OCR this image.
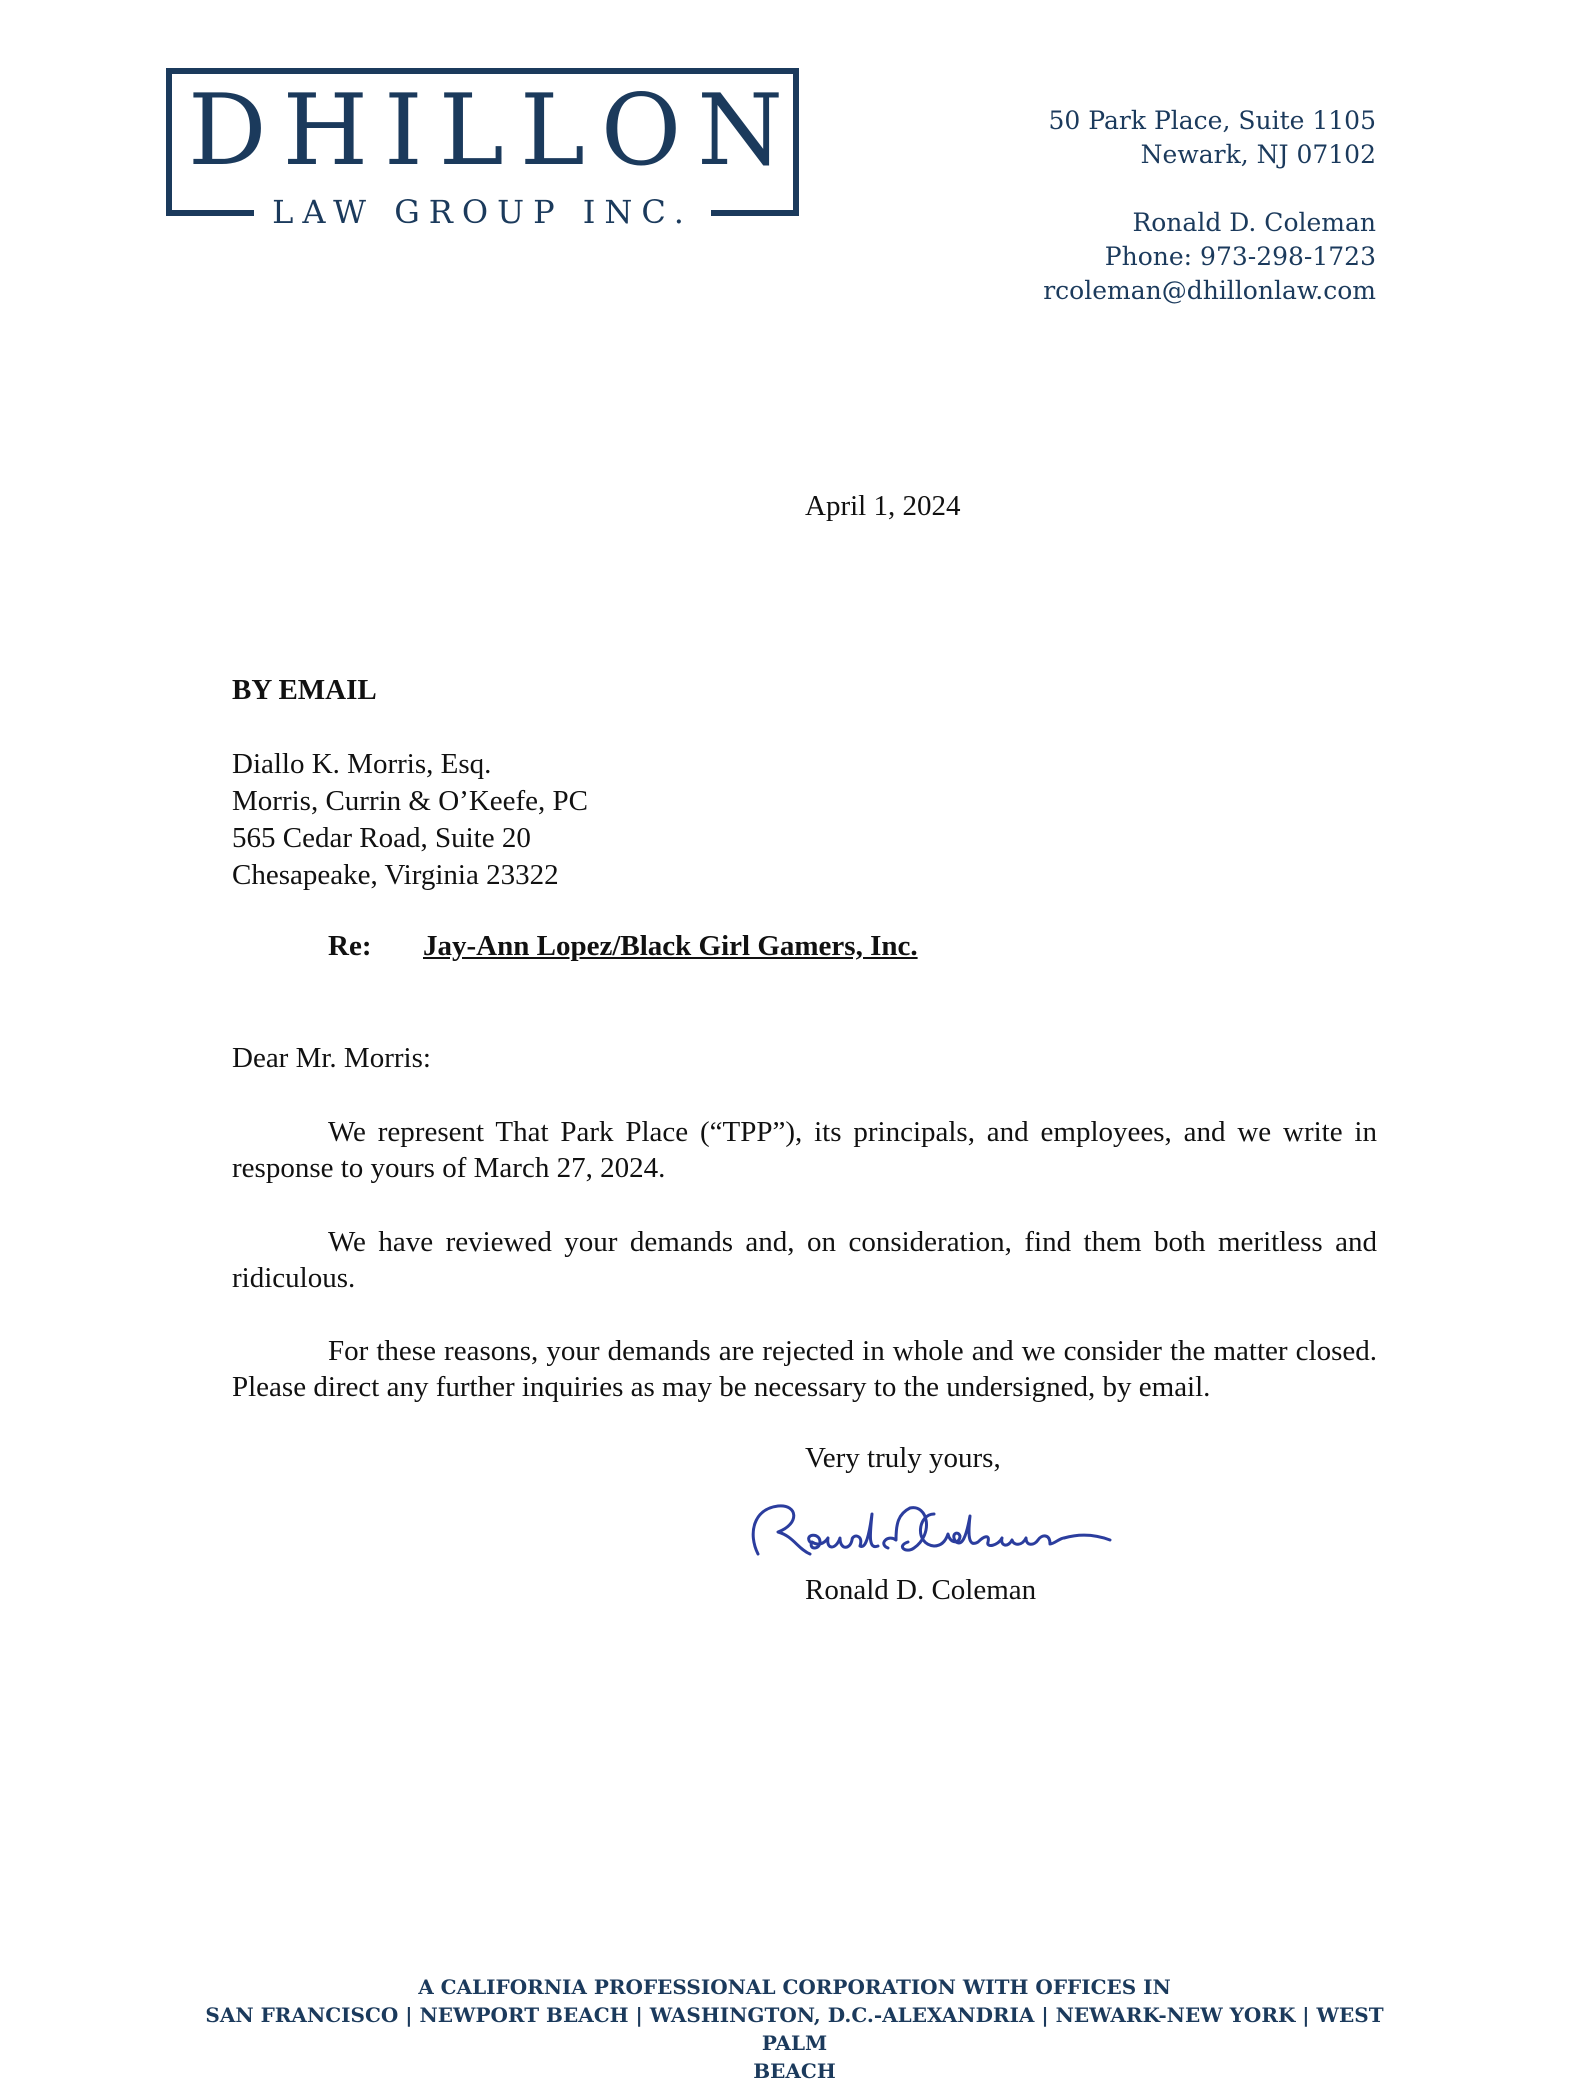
DHILLON
LAW GROUP INC.
50 Park Place, Suite 1105
Newark, NJ 07102
Ronald D. Coleman
Phone: 973-298-1723
rcoleman@dhillonlaw.com
April 1, 2024
BY EMAIL
Diallo K. Morris, Esq.
Morris, Currin & O’Keefe, PC
565 Cedar Road, Suite 20
Chesapeake, Virginia 23322
Re: Jay-Ann Lopez/Black Girl Gamers, Inc.
Dear Mr. Morris:
We represent That Park Place (“TPP”), its principals, and employees, and we write in response to yours of March 27, 2024.
We have reviewed your demands and, on consideration, find them both meritless and ridiculous.
For these reasons, your demands are rejected in whole and we consider the matter closed. Please direct any further inquiries as may be necessary to the undersigned, by email.
Very truly yours,
Ronald D. Coleman
A CALIFORNIA PROFESSIONAL CORPORATION WITH OFFICES IN
SAN FRANCISCO | NEWPORT BEACH | WASHINGTON, D.C.-ALEXANDRIA | NEWARK-NEW YORK | WEST PALM
BEACH
